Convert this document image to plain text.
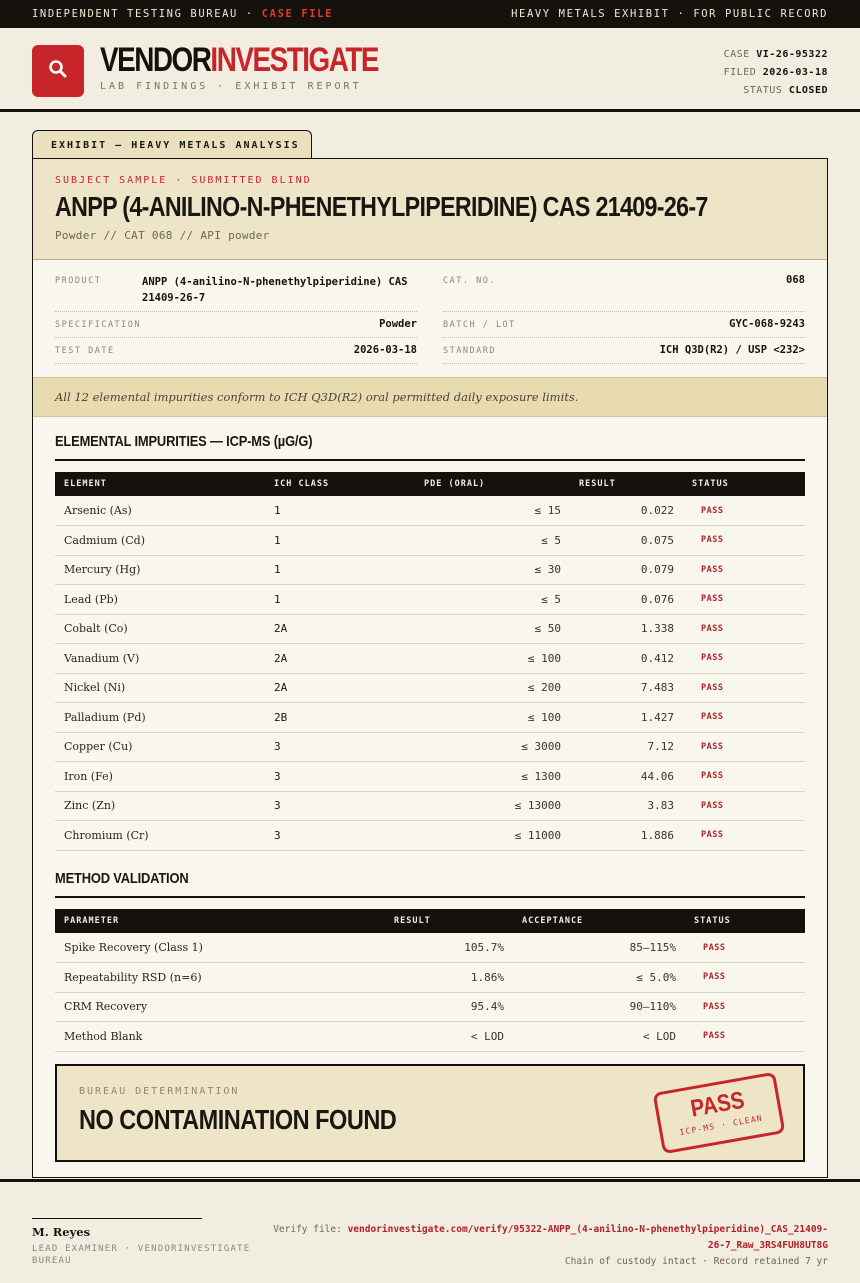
INDEPENDENT TESTING BUREAU · CASE FILE	HEAVY METALS EXHIBIT · FOR PUBLIC RECORD
VENDORINVESTIGATE
LAB FINDINGS · EXHIBIT REPORT
CASE VI-26-95322
FILED 2026-03-18
STATUS CLOSED
EXHIBIT — HEAVY METALS ANALYSIS
SUBJECT SAMPLE · SUBMITTED BLIND
ANPP (4-ANILINO-N-PHENETHYLPIPERIDINE) CAS 21409-26-7
Powder // CAT 068 // API powder
PRODUCT	ANPP (4-anilino-N-phenethylpiperidine) CAS 21409-26-7
CAT. NO.	068
SPECIFICATION	Powder	BATCH / LOT	GYC-068-9243
TEST DATE	2026-03-18	STANDARD	ICH Q3D(R2) / USP <232>
All 12 elemental impurities conform to ICH Q3D(R2) oral permitted daily exposure limits.
ELEMENTAL IMPURITIES — ICP-MS (µG/G)
ELEMENT	ICH CLASS	PDE (ORAL)	RESULT	STATUS
Arsenic (As)	1	≤ 15	0.022	PASS
Cadmium (Cd)	1	≤ 5	0.075	PASS
Mercury (Hg)	1	≤ 30	0.079	PASS
Lead (Pb)	1	≤ 5	0.076	PASS
Cobalt (Co)	2A	≤ 50	1.338	PASS
Vanadium (V)	2A	≤ 100	0.412	PASS
Nickel (Ni)	2A	≤ 200	7.483	PASS
Palladium (Pd)	2B	≤ 100	1.427	PASS
Copper (Cu)	3	≤ 3000	7.12	PASS
Iron (Fe)	3	≤ 1300	44.06	PASS
Zinc (Zn)	3	≤ 13000	3.83	PASS
Chromium (Cr)	3	≤ 11000	1.886	PASS
METHOD VALIDATION
PARAMETER	RESULT	ACCEPTANCE	STATUS
Spike Recovery (Class 1)	105.7%	85–115%	PASS
Repeatability RSD (n=6)	1.86%	≤ 5.0%	PASS
CRM Recovery	95.4%	90–110%	PASS
Method Blank	< LOD	< LOD	PASS
BUREAU DETERMINATION
NO CONTAMINATION FOUND	PASS
ICP-MS · CLEAN
M. Reyes
LEAD EXAMINER · VENDORINVESTIGATE BUREAU
Verify file: vendorinvestigate.com/verify/95322-ANPP_(4-anilino-N-phenethylpiperidine)_CAS_21409-26-7_Raw_3RS4FUH8UT8G
Chain of custody intact · Record retained 7 yr
